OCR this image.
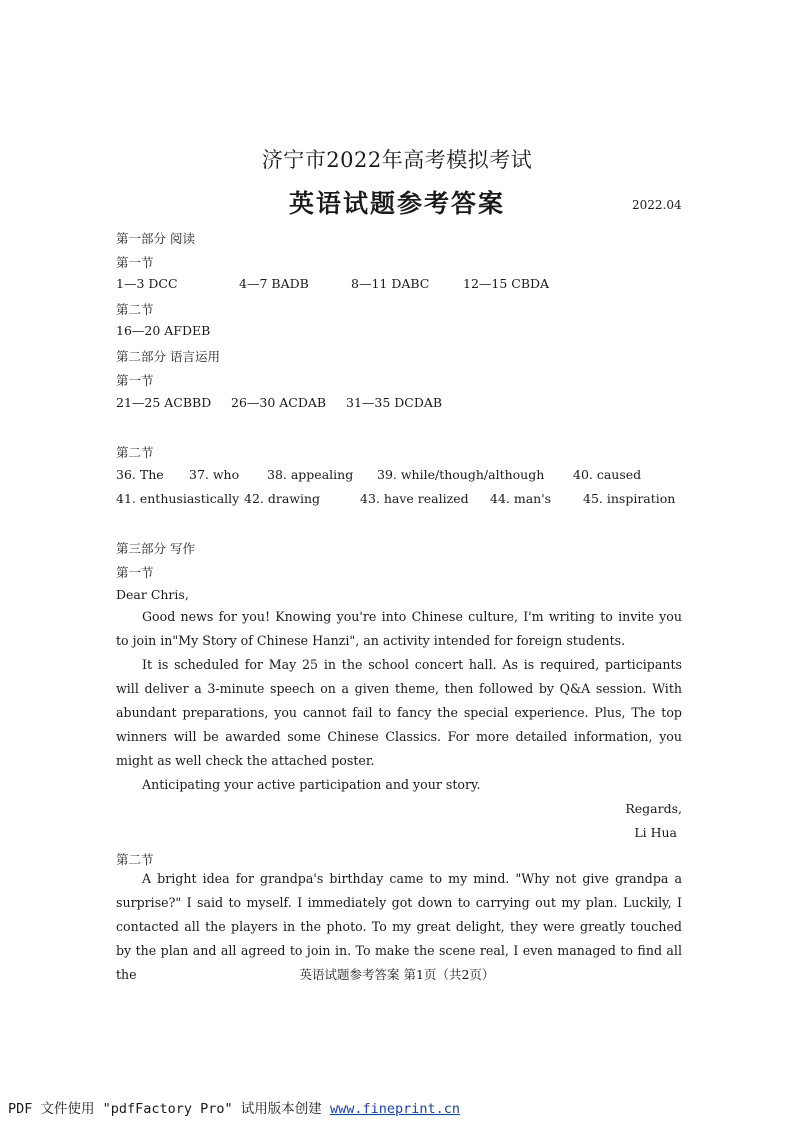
济宁市2022年高考模拟考试
英语试题参考答案	2022.04
第一部分 阅读
第一节
1—3 DCC	4—7 BADB	8—11 DABC	12—15 CBDA
第二节
16—20 AFDEB
第二部分 语言运用
第一节
21—25 ACBBD 26—30 ACDAB 31—35 DCDAB
第二节
36. The 37. who 38. appealing 39. while/though/although 40. caused
41. enthusiastically 42. drawing	43. have realized 44. man's	45. inspiration
第三部分 写作
第一节
Dear Chris,

Good news for you! Knowing you're into Chinese culture, I'm writing to invite you to join in"My Story of Chinese Hanzi", an activity intended for foreign students.

It is scheduled for May 25 in the school concert hall. As is required, participants will deliver a 3-minute speech on a given theme, then followed by Q&A session. With abundant preparations, you cannot fail to fancy the special experience. Plus, The top winners will be awarded some Chinese Classics. For more detailed information, you might as well check the attached poster.

Anticipating your active participation and your story.

Regards,
Li Hua
第二节

A bright idea for grandpa's birthday came to my mind. "Why not give grandpa a surprise?" I said to myself. I immediately got down to carrying out my plan. Luckily, I contacted all the players in the photo. To my great delight, they were greatly touched by the plan and all agreed to join in. To make the scene real, I even managed to find all the	英语试题参考答案 第1页（共2页）
PDF 文件使用 "pdfFactory Pro" 试用版本创建 www.fineprint.cn
